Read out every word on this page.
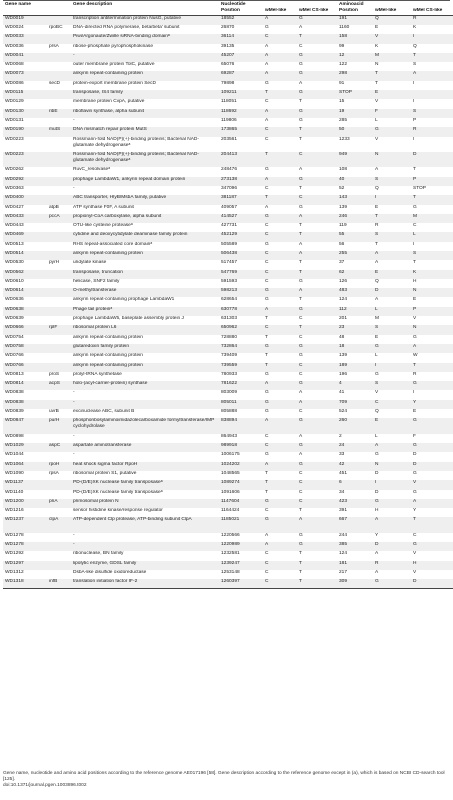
Gene name		Gene description	Nucleotide			Aminoacid		
			Position	wMel-like	wMel CS-like	Position	wMel-like	wMel CS-like
WD0019		transcription antitermination protein NusG, putative	18552	A	G	191	Q	R
WD0024	rpoBC	DNA-directed RNA polymerase, beta/beta' subunit	26870	G	A	1160	E	K
WD0033		Piwi/Argonaute/Zwille siRNA-binding domainᵃ	36114	C	T	158	V	I
WD0036	prsA	ribose-phosphate pyrophosphokinase	39135	A	C	99	K	Q
WD0041		-	45207	A	G	12	M	T
WD0068		outer membrane protein TolC, putative	65076	A	G	122	N	S
WD0073		ankyrin repeat-containing protein	69287	A	G	298	T	A
WD0086	secD	protein-export membrane protein SecD	79898	G	A	91	T	I
WD0115		transposase, IS4 family	109211	T	G	STOP	E	
WD0129		membrane protein CvpA, putative	118051	C	T	15	V	I
WD0130	ribE	riboflavin synthase, alpha subunit	118692	A	G	19	F	S
WD0131		-	119806	A	G	285	L	P
WD0190	mutS	DNA mismatch repair protein MutS	173865	C	T	50	G	R
WD0223		Rossmann-fold NAD(P)(+)-binding proteins; Bacterial NAD-glutamate dehydrogenaseᵃ	203561	C	T	1233	V	I
WD0223		Rossmann-fold NAD(P)(+)-binding proteins; Bacterial NAD-glutamate dehydrogenaseᵃ	204413	T	C	949	N	D
WD0262		RuvC_resolvaseᵃ	248476	G	A	108	A	T
WD0292		prophage LambdaW1, ankyrin repeat domain protein	273138	A	G	40	S	P
WD0363		-	347096	C	T	52	Q	STOP
WD0400		ABC transporter, HlyB/MsbA family, putative	381187	T	C	143	I	T
WD0427	atpB	ATP synthase F0F, A subunit	409057	A	G	139	E	G
WD0433	pccA	propionyl-CoA carboxylase, alpha subunit	414527	G	A	246	T	M
WD0443		OTU-like cysteine proteaseᵃ	427731	C	T	119	R	C
WD0469		cytidine and deoxycytidylate deaminase family protein	452129	C	T	55	S	L
WD0513		RHS repeat-associated core domainᵃ	505589	G	A	56	T	I
WD0514		ankyrin repeat-containing protein	506438	C	A	255	A	S
WD0530	pyrH	uridylate kinase	517457	C	T	37	A	T
WD0562		transposase, truncation	547769	C	T	62	E	K
WD0610		helicase, SNF2 family	591593	C	G	126	Q	H
WD0614		O-methyltransferase	598213	G	A	483	D	N
WD0636		ankyrin repeat-containing prophage LambdaW1	628654	G	T	124	A	E
WD0638		Phage tail proteinᵃ	630778	A	G	112	L	P
WD0639		prophage LambdaW5, baseplate assembly protein J	631303	T	C	201	M	V
WD0666	rplF	ribosomal protein L6	650962	C	T	23	S	N
WD0754		ankyrin repeat-containing protein	728880	T	C	48	E	G
WD0758		glutaredoxin family protein	732864	G	G	18	G	A
WD0766		ankyrin repeat-containing protein	739409	T	G	139	L	W
WD0766		ankyrin repeat-containing protein	739559	T	C	189	I	T
WD0813	proS	prolyl-tRNA synthetase	780933	G	C	196	G	R
WD0814	acpS	holo-(acyl-carrier-protein) synthase	781622	A	G	4	S	G
WD0838		-	803009	G	A	41	V	I
WD0838		-	805011	G	A	709	C	Y
WD0839	uvrB	excinuclease ABC, subunit B	805888	G	C	524	Q	E
WD0847	purH	phosphoribosylaminoimidazolecarboxamide formyltransferase/IMP cyclohydrolase	838894	A	G	260	E	G
WD0898		-	864943	C	A	2	L	F
WD1029	aspC	aspartate aminotransferase	989918	C	G	24	A	G
WD1044		-	1006175	G	A	33	G	D
WD1064	rpoH	heat shock sigma factor RpoH	1024202	A	G	42	N	D
WD1090	rpsA	ribosomal protein S1, putative	1048565	T	C	451	D	G
WD1137		PD-(D/E)XK nuclease family transposaseᵃ	1089274	T	C	6	I	V
WD1140		PD-(D/E)XK nuclease family transposaseᵃ	1091606	T	C	34	D	G
WD1200	priA	primosomal protein N	1147604	G	C	423	G	A
WD1216		sensor histidine kinase/response regulator	1164424	C	T	391	H	Y
WD1237	clpA	ATP-dependent Clp protease, ATP-binding subunit ClpA	1185021	G	A	667	A	T
WD1278		-	1220566	A	G	244	Y	C
WD1278		-	1220989	A	G	385	D	G
WD1292		ribonuclease, BN family	1232581	C	T	124	A	V
WD1297		lipolytic enzyme, GDSL family	1239247	C	T	181	R	H
WD1312		DsbA-like disulfide oxidoreductase	1253148	C	T	217	A	V
WD1318	infB	translation initiation factor IF-2	1260397	C	T	309	G	D
Gene name, nucleotide and amino acid positions according to the reference genome AE017196 [58]. Gene description according to the reference genome except in (a), which is based on NCBI CD-search tool [125].
doi:10.1371/journal.pgen.1003896.t002
